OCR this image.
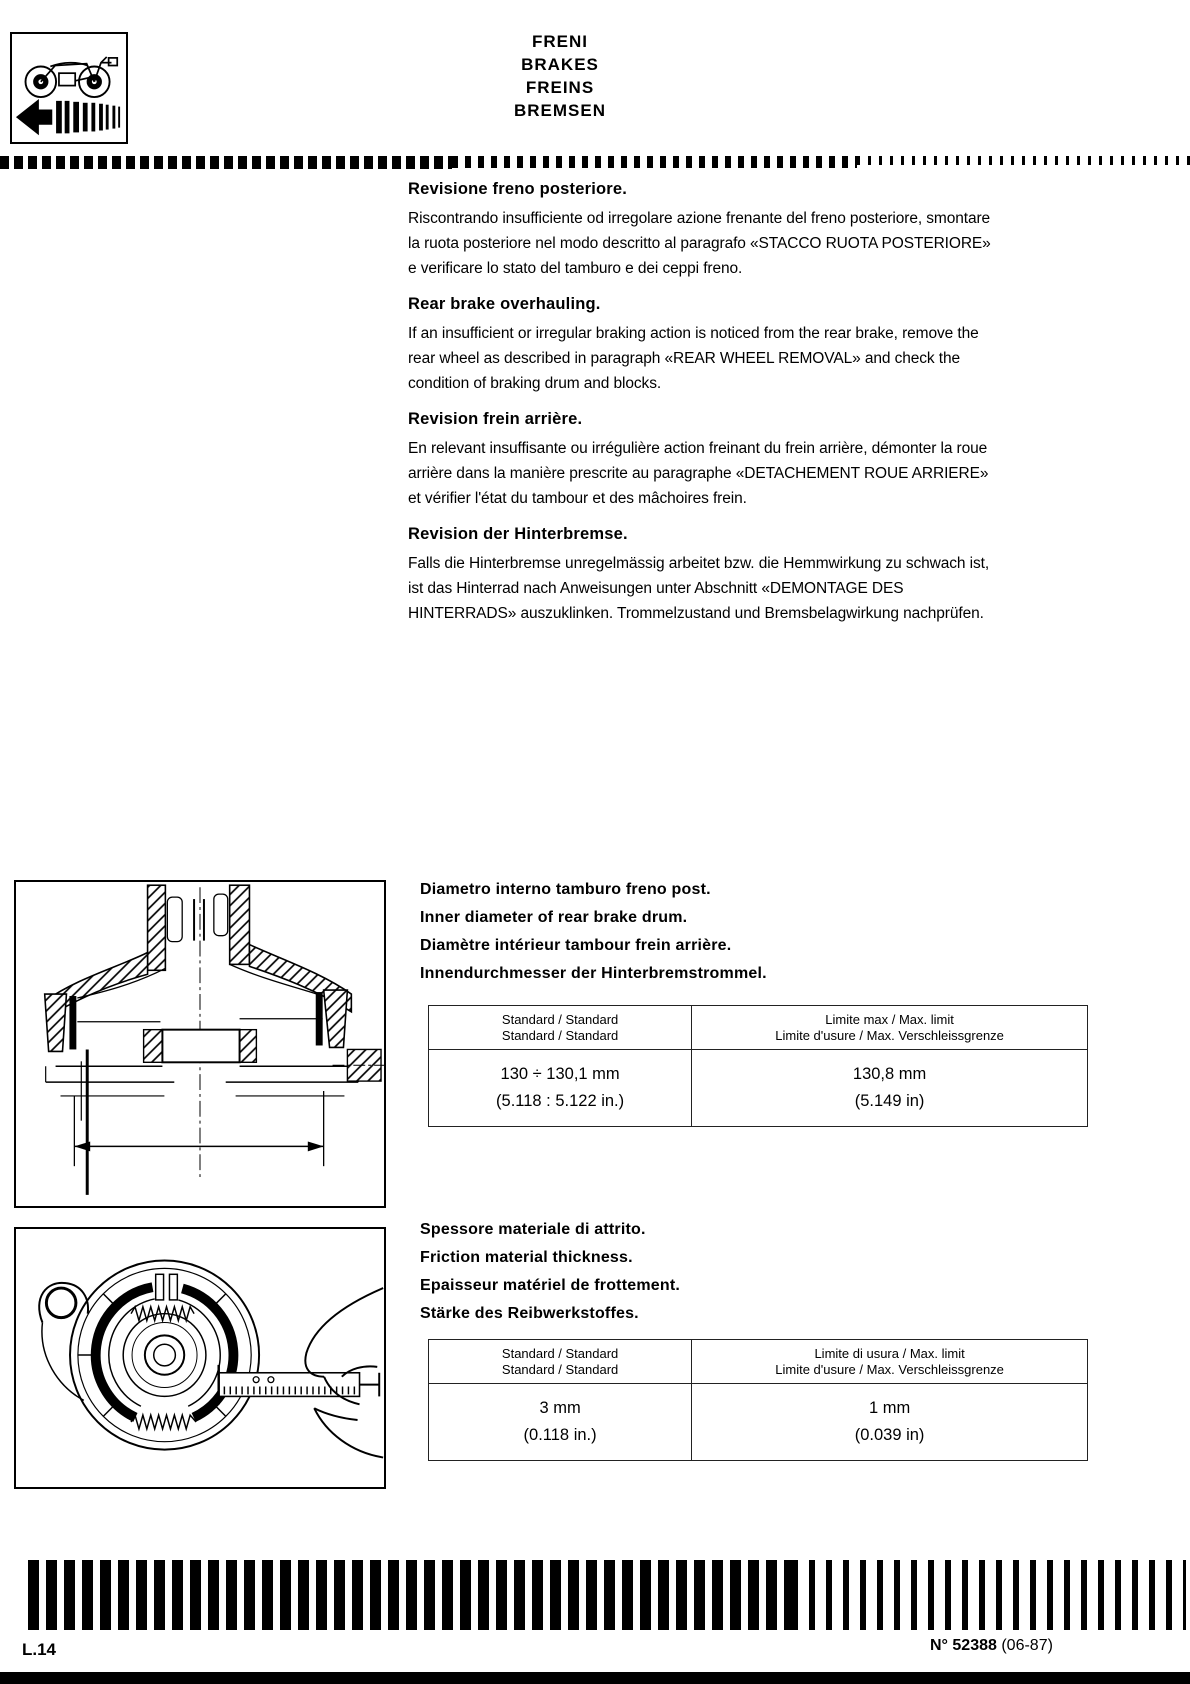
FRENI
BRAKES
FREINS
BREMSEN
Revisione freno posteriore.

Riscontrando insufficiente od irregolare azione frenante del freno posteriore, smontare la ruota posteriore nel modo descritto al paragrafo «STACCO RUOTA POSTERIORE» e verificare lo stato del tamburo e dei ceppi freno.

Rear brake overhauling.

If an insufficient or irregular braking action is noticed from the rear brake, remove the rear wheel as described in paragraph «REAR WHEEL REMOVAL» and check the condition of braking drum and blocks.

Revision frein arrière.

En relevant insuffisante ou irrégulière action freinant du frein arrière, démonter la roue arrière dans la manière prescrite au paragraphe «DETACHEMENT ROUE ARRIERE» et vérifier l'état du tambour et des mâchoires frein.

Revision der Hinterbremse.

Falls die Hinterbremse unregelmässig arbeitet bzw. die Hemmwirkung zu schwach ist, ist das Hinterrad nach Anweisungen unter Abschnitt «DEMONTAGE DES HINTERRADS» auszuklinken. Trommelzustand und Bremsbelagwirkung nachprüfen.

Diametro interno tamburo freno post.
Inner diameter of rear brake drum.
Diamètre intérieur tambour frein arrière.
Innendurchmesser der Hinterbremstrommel.
Standard / Standard
Standard / Standard
Limite max / Max. limit
Limite d'usure / Max. Verschleissgrenze
130 ÷ 130,1 mm
(5.118 : 5.122 in.)
130,8 mm
(5.149 in)
Spessore materiale di attrito.
Friction material thickness.
Epaisseur matériel de frottement.
Stärke des Reibwerkstoffes.
Standard / Standard
Standard / Standard
Limite di usura / Max. limit
Limite d'usure / Max. Verschleissgrenze
3 mm
(0.118 in.)
1 mm
(0.039 in)
L.14	N° 52388 (06-87)
